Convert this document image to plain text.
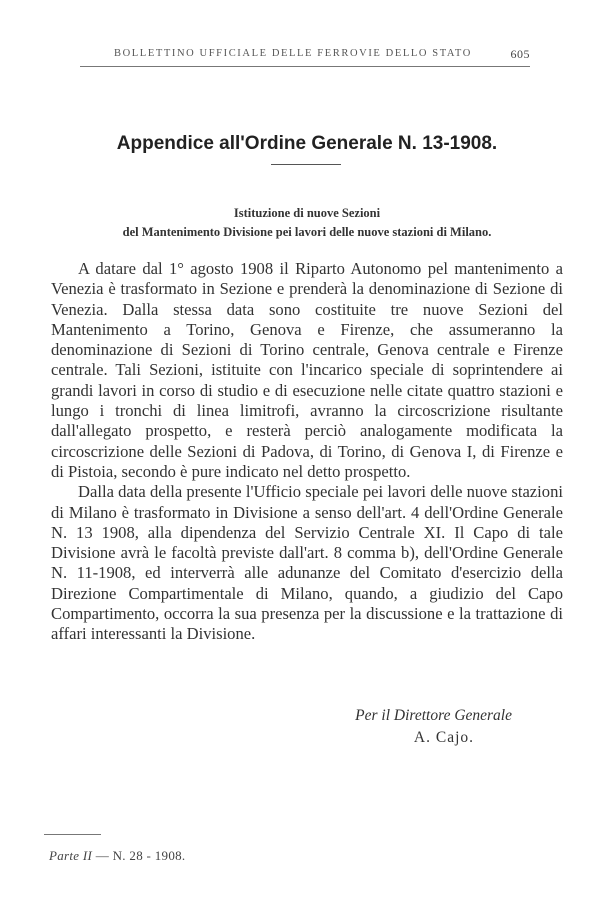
BOLLETTINO UFFICIALE DELLE FERROVIE DELLO STATO	605
Appendice all'Ordine Generale N. 13-1908.
Istituzione di nuove Sezioni
del Mantenimento Divisione pei lavori delle nuove stazioni di Milano.

A datare dal 1° agosto 1908 il Riparto Autonomo pel mantenimento a Venezia è trasformato in Sezione e prenderà la denominazione di Sezione di Venezia. Dalla stessa data sono costituite tre nuove Sezioni del Mantenimento a Torino, Genova e Firenze, che assumeranno la denominazione di Sezioni di Torino centrale, Genova centrale e Firenze centrale. Tali Sezioni, istituite con l'incarico speciale di soprintendere ai grandi lavori in corso di studio e di esecuzione nelle citate quattro stazioni e lungo i tronchi di linea limitrofi, avranno la circoscrizione risultante dall'allegato prospetto, e resterà perciò analogamente modificata la circoscrizione delle Sezioni di Padova, di Torino, di Genova I, di Firenze e di Pistoia, secondo è pure indicato nel detto prospetto.

Dalla data della presente l'Ufficio speciale pei lavori delle nuove stazioni di Milano è trasformato in Divisione a senso dell'art. 4 dell'Ordine Generale N. 13 1908, alla dipendenza del Servizio Centrale XI. Il Capo di tale Divisione avrà le facoltà previste dall'art. 8 comma b), dell'Ordine Generale N. 11-1908, ed interverrà alle adunanze del Comitato d'esercizio della Direzione Compartimentale di Milano, quando, a giudizio del Capo Compartimento, occorra la sua presenza per la discussione e la trattazione di affari interessanti la Divisione.

Per il Direttore Generale
A. Cajo.
Parte II — N. 28 - 1908.
